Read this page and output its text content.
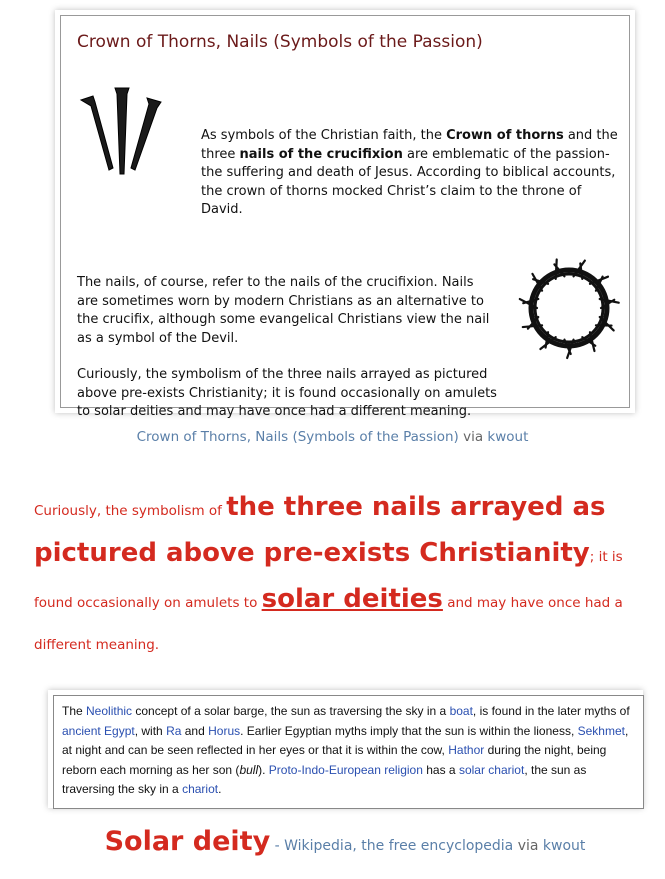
Crown of Thorns, Nails (Symbols of the Passion)

As symbols of the Christian faith, the Crown of thorns and the three nails of the crucifixion are emblematic of the passion- the suffering and death of Jesus. According to biblical accounts, the crown of thorns mocked Christ’s claim to the throne of David.

The nails, of course, refer to the nails of the crucifixion. Nails are sometimes worn by modern Christians as an alternative to the crucifix, although some evangelical Christians view the nail as a symbol of the Devil.

Curiously, the symbolism of the three nails arrayed as pictured above pre-exists Christianity; it is found occasionally on amulets to solar deities and may have once had a different meaning.

Crown of Thorns, Nails (Symbols of the Passion) via kwout
Curiously, the symbolism of the three nails arrayed as pictured above pre-exists Christianity; it is found occasionally on amulets to solar deities and may have once had a different meaning.
The Neolithic concept of a solar barge, the sun as traversing the sky in a boat, is found in the later myths of ancient Egypt, with Ra and Horus. Earlier Egyptian myths imply that the sun is within the lioness, Sekhmet, at night and can be seen reflected in her eyes or that it is within the cow, Hathor during the night, being reborn each morning as her son (bull). Proto-Indo-European religion has a solar chariot, the sun as traversing the sky in a chariot.
Solar deity - Wikipedia, the free encyclopedia via kwout
